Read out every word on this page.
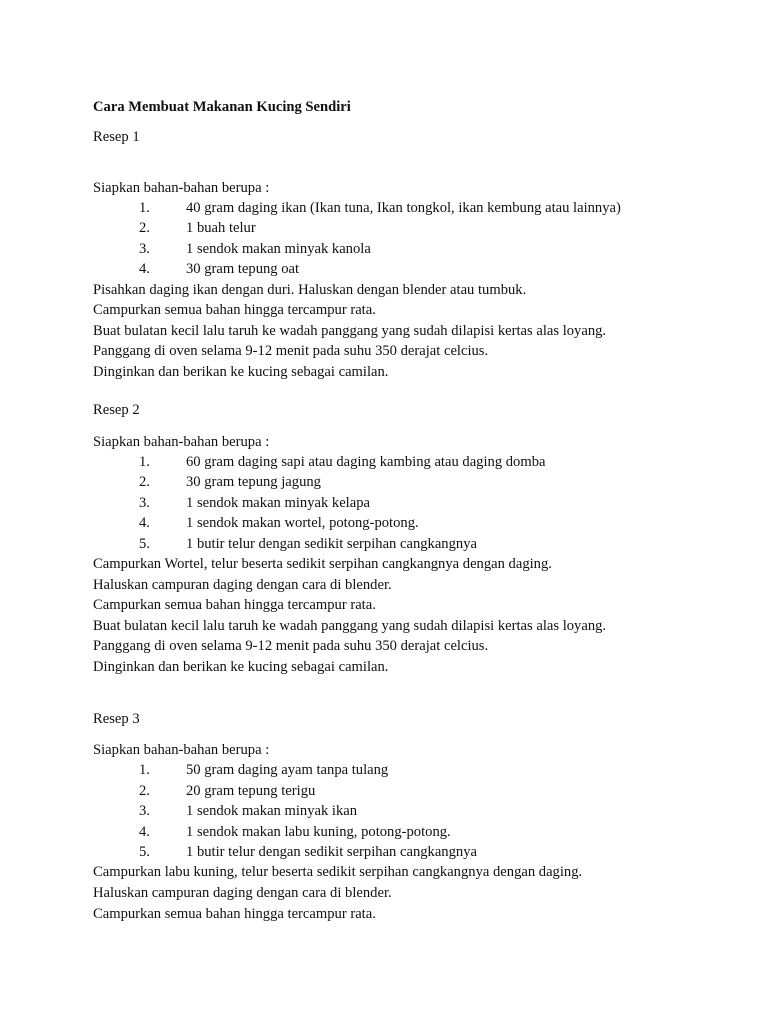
Cara Membuat Makanan Kucing Sendiri
Resep 1
Siapkan bahan-bahan berupa :
1. 40 gram daging ikan (Ikan tuna, Ikan tongkol, ikan kembung atau lainnya)
2. 1 buah telur
3. 1 sendok makan minyak kanola
4. 30 gram tepung oat
Pisahkan daging ikan dengan duri. Haluskan dengan blender atau tumbuk.
Campurkan semua bahan hingga tercampur rata.
Buat bulatan kecil lalu taruh ke wadah panggang yang sudah dilapisi kertas alas loyang.
Panggang di oven selama 9-12 menit pada suhu 350 derajat celcius.
Dinginkan dan berikan ke kucing sebagai camilan.
Resep 2
Siapkan bahan-bahan berupa :
1. 60 gram daging sapi atau daging kambing atau daging domba
2. 30 gram tepung jagung
3. 1 sendok makan minyak kelapa
4. 1 sendok makan wortel, potong-potong.
5. 1 butir telur dengan sedikit serpihan cangkangnya
Campurkan Wortel, telur beserta sedikit serpihan cangkangnya dengan daging.
Haluskan campuran daging dengan cara di blender.
Campurkan semua bahan hingga tercampur rata.
Buat bulatan kecil lalu taruh ke wadah panggang yang sudah dilapisi kertas alas loyang.
Panggang di oven selama 9-12 menit pada suhu 350 derajat celcius.
Dinginkan dan berikan ke kucing sebagai camilan.
Resep 3
Siapkan bahan-bahan berupa :
1. 50 gram daging ayam tanpa tulang
2. 20 gram tepung terigu
3. 1 sendok makan minyak ikan
4. 1 sendok makan labu kuning, potong-potong.
5. 1 butir telur dengan sedikit serpihan cangkangnya
Campurkan labu kuning, telur beserta sedikit serpihan cangkangnya dengan daging.
Haluskan campuran daging dengan cara di blender.
Campurkan semua bahan hingga tercampur rata.
